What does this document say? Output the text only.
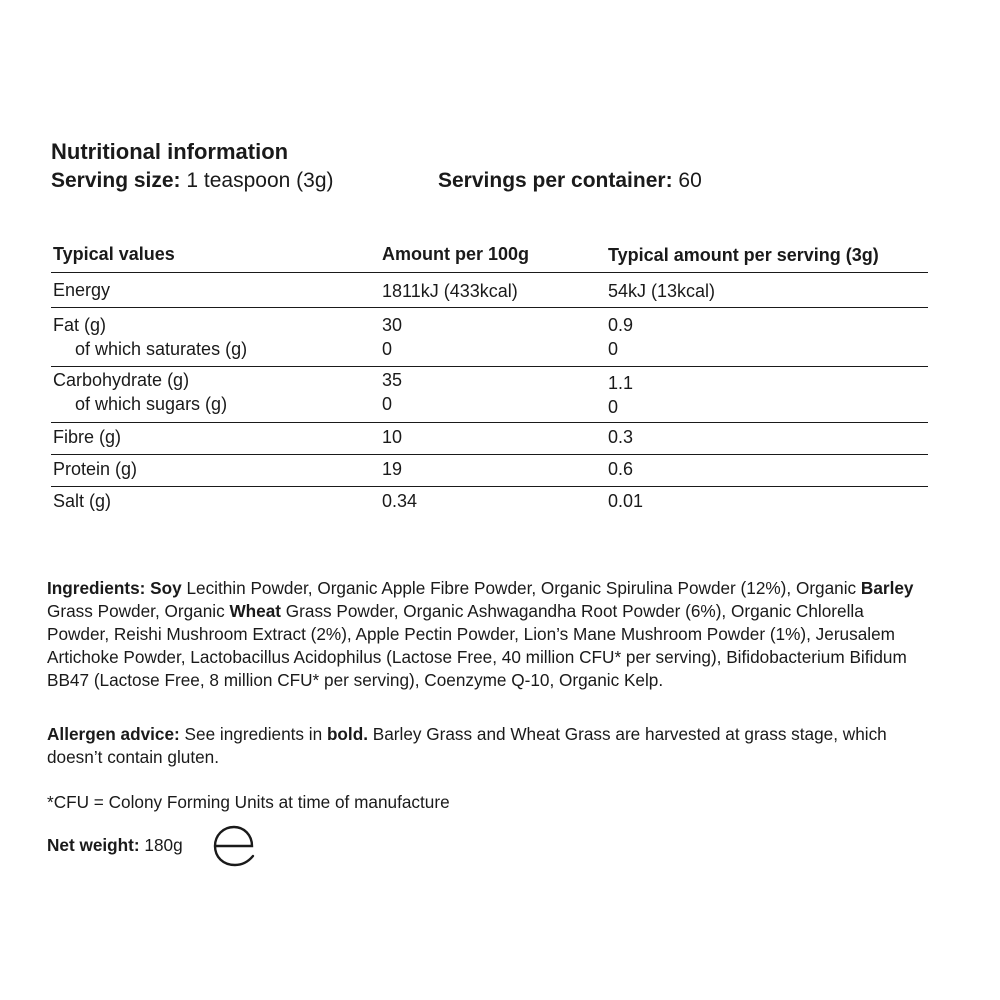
Nutritional information
Serving size: 1 teaspoon (3g)	Servings per container: 60
Typical values	Amount per 100g	Typical amount per serving (3g)
Energy	1811kJ (433kcal)	54kJ (13kcal)
Fat (g)	30	0.9
of which saturates (g)	0	0
Carbohydrate (g)	35	1.1
of which sugars (g)	0	0
Fibre (g)	10	0.3
Protein (g)	19	0.6
Salt (g)	0.34	0.01

Ingredients: Soy Lecithin Powder, Organic Apple Fibre Powder, Organic Spirulina Powder (12%), Organic Barley Grass Powder, Organic Wheat Grass Powder, Organic Ashwagandha Root Powder (6%), Organic Chlorella Powder, Reishi Mushroom Extract (2%), Apple Pectin Powder, Lion’s Mane Mushroom Powder (1%), Jerusalem Artichoke Powder, Lactobacillus Acidophilus (Lactose Free, 40 million CFU* per serving), Bifidobacterium Bifidum BB47 (Lactose Free, 8 million CFU* per serving), Coenzyme Q-10, Organic Kelp.

Allergen advice: See ingredients in bold. Barley Grass and Wheat Grass are harvested at grass stage, which doesn’t contain gluten.

*CFU = Colony Forming Units at time of manufacture
Net weight: 180g
